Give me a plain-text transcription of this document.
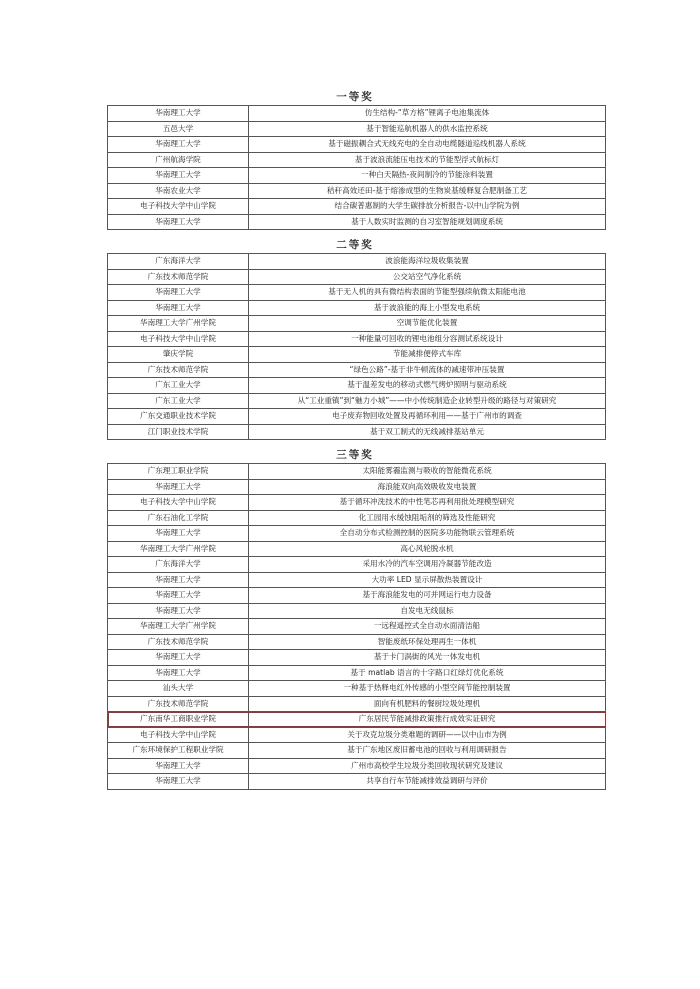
一等奖
华南理工大学	仿生结构-“草方格”锂离子电池集流体
五邑大学	基于智能巡航机器人的供水监控系统
华南理工大学	基于磁振耦合式无线充电的全自动电缆隧道巡线机器人系统
广州航海学院	基于波浪流能压电技术的节能型浮式航标灯
华南理工大学	一种白天隔热-夜间制冷的节能涂料装置
华南农业大学	秸秆高效还田-基于熔渗成型的生物炭基缓释复合肥制备工艺
电子科技大学中山学院	结合碳普惠制的大学生碳排放分析报告-以中山学院为例
华南理工大学	基于人数实时监测的自习室智能规划调度系统
二等奖
广东海洋大学	波浪能海洋垃圾收集装置
广东技术师范学院	公交站空气净化系统
华南理工大学	基于无人机的具有微结构表面的节能型强续航微太阳能电池
华南理工大学	基于波浪能的海上小型发电系统
华南理工大学广州学院	空调节能优化装置
电子科技大学中山学院	一种能量可回收的锂电池组分容测试系统设计
肇庆学院	节能减排便停式车库
广东技术师范学院	“绿色公路”-基于非牛顿流体的减速带冲压装置
广东工业大学	基于温差发电的移动式燃气烤炉照明与驱动系统
广东工业大学	从“工业重镇”到“魅力小城”——中小传统制造企业转型升级的路径与对策研究
广东交通职业技术学院	电子废弃物回收处置及再循环利用——基于广州市的调查
江门职业技术学院	基于双工制式的无线减排基站单元
三等奖
广东理工职业学院	太阳能雾霾监测与吸收的智能微花系统
华南理工大学	海浪能双向高效吸收发电装置
电子科技大学中山学院	基于循环冲洗技术的中性笔芯再利用批处理模型研究
广东石油化工学院	化工园用水缓蚀阻垢剂的筛选及性能研究
华南理工大学	全自动分布式检测控制的医院多功能物联云管理系统
华南理工大学广州学院	高心风轮脱水机
广东海洋大学	采用水冷的汽车空调用冷凝器节能改造
华南理工大学	大功率 LED 显示屏散热装置设计
华南理工大学	基于海浪能发电的可并网运行电力设备
华南理工大学	自发电无线鼠标
华南理工大学广州学院	一远程遥控式全自动水面清洁船
广东技术师范学院	智能废纸环保处理再生一体机
华南理工大学	基于卡门涡街的风光一体发电机
华南理工大学	基于 matlab 语言的十字路口红绿灯优化系统
汕头大学	一种基于热释电红外传感的小型空间节能控制装置
广东技术师范学院	面向有机肥料的餐厨垃圾处理机
广东南华工商职业学院	广东居民节能减排政策推行成效实证研究
电子科技大学中山学院	关于攻克垃圾分类难题的调研——以中山市为例
广东环境保护工程职业学院	基于广东地区废旧蓄电池的回收与利用调研报告
华南理工大学	广州市高校学生垃圾分类回收现状研究及建议
华南理工大学	共享自行车节能减排效益调研与评价
